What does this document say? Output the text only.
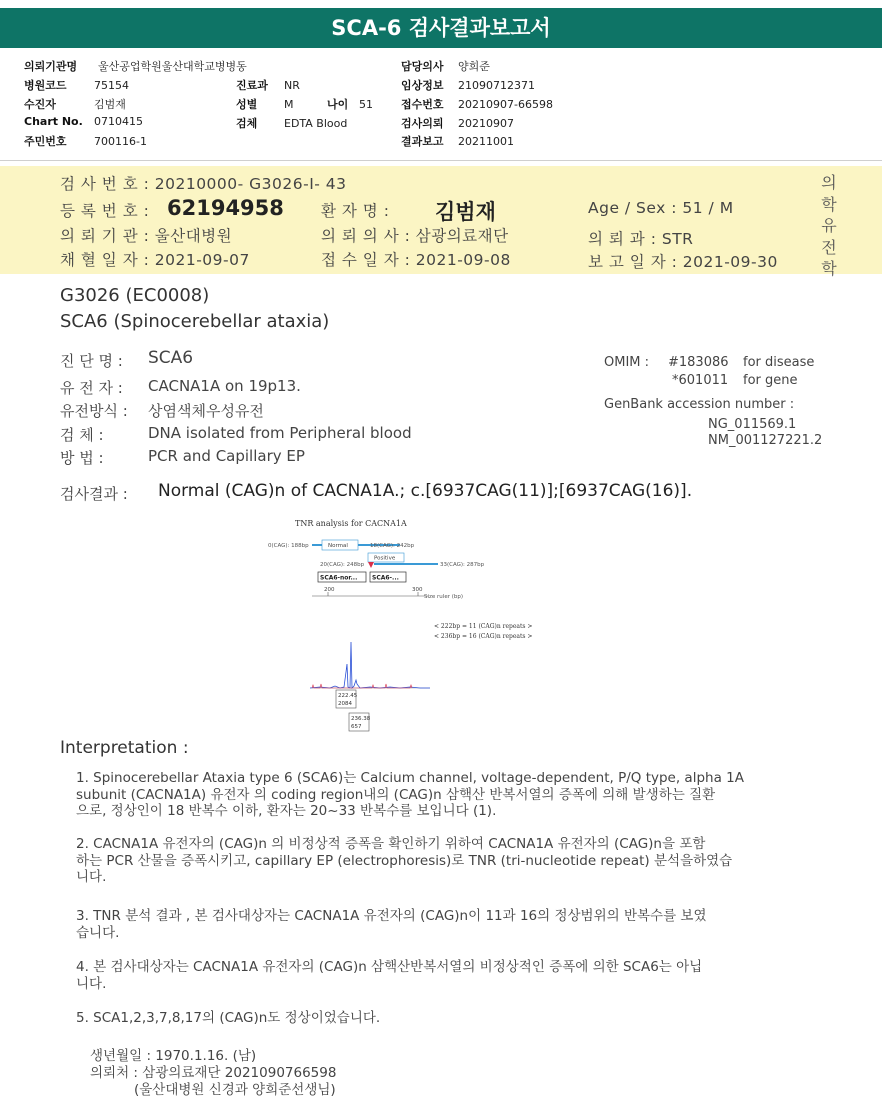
SCA-6 검사결과보고서
의뢰기관명 울산공업학원울산대학교병병동
병원코드 75154
수진자	김범재
Chart No. 0710415
주민번호 700116-1
진료과 NR
성별 M	나이 51
검체 EDTA Blood
담당의사 양희준
임상정보 21090712371
접수번호 20210907-66598
검사의뢰 20210907
결과보고 20211001
검 사 번 호 : 20210000- G3026-I- 43
등 록 번 호 : 62194958 환 자 명 : 김범재	Age / Sex : 51 / M
의 뢰 기 관 : 울산대병원	의 뢰 의 사 : 삼광의료재단	의 뢰 과 : STR
채 혈 일 자 : 2021-09-07	접 수 일 자 : 2021-09-08	보 고 일 자 : 2021-09-30
의
학
유
전
학
G3026 (EC0008)
SCA6 (Spinocerebellar ataxia)
진 단 명 : SCA6
유 전 자 : CACNA1A on 19p13.
유전방식 : 상염색체우성유전
검 체 :	DNA isolated from Peripheral blood
방 법 :	PCR and Capillary EP
OMIM : #183086 for disease
*601011 for gene
GenBank accession number :
NG_011569.1
NM_001127221.2
검사결과 : Normal (CAG)n of CACNA1A.; c.[6937CAG(11)];[6937CAG(16)].
TNR analysis for CACNA1A
0(CAG): 188bp	Normal	18(CAG): 242bp
Positive
20(CAG): 248bp	33(CAG): 287bp
SCA6-nor... SCA6-...
200	300
Size ruler (bp)
< 222bp = 11 (CAG)n repeats >
< 236bp = 16 (CAG)n repeats >
222.45
2084
236.38
657
Interpretation :
1. Spinocerebellar Ataxia type 6 (SCA6)는 Calcium channel, voltage-dependent, P/Q type, alpha 1A
subunit (CACNA1A) 유전자 의 coding region내의 (CAG)n 삼핵산 반복서열의 증폭에 의해 발생하는 질환
으로, 정상인이 18 반복수 이하, 환자는 20~33 반복수를 보입니다 (1).
2. CACNA1A 유전자의 (CAG)n 의 비정상적 증폭을 확인하기 위하여 CACNA1A 유전자의 (CAG)n을 포함
하는 PCR 산물을 증폭시키고, capillary EP (electrophoresis)로 TNR (tri-nucleotide repeat) 분석을하였습
니다.
3. TNR 분석 결과 , 본 검사대상자는 CACNA1A 유전자의 (CAG)n이 11과 16의 정상범위의 반복수를 보였
습니다.
4. 본 검사대상자는 CACNA1A 유전자의 (CAG)n 삼핵산반복서열의 비정상적인 증폭에 의한 SCA6는 아닙
니다.
5. SCA1,2,3,7,8,17의 (CAG)n도 정상이었습니다.
생년월일 : 1970.1.16. (남)
의뢰처 : 삼광의료재단 2021090766598
(울산대병원 신경과 양희준선생님)
